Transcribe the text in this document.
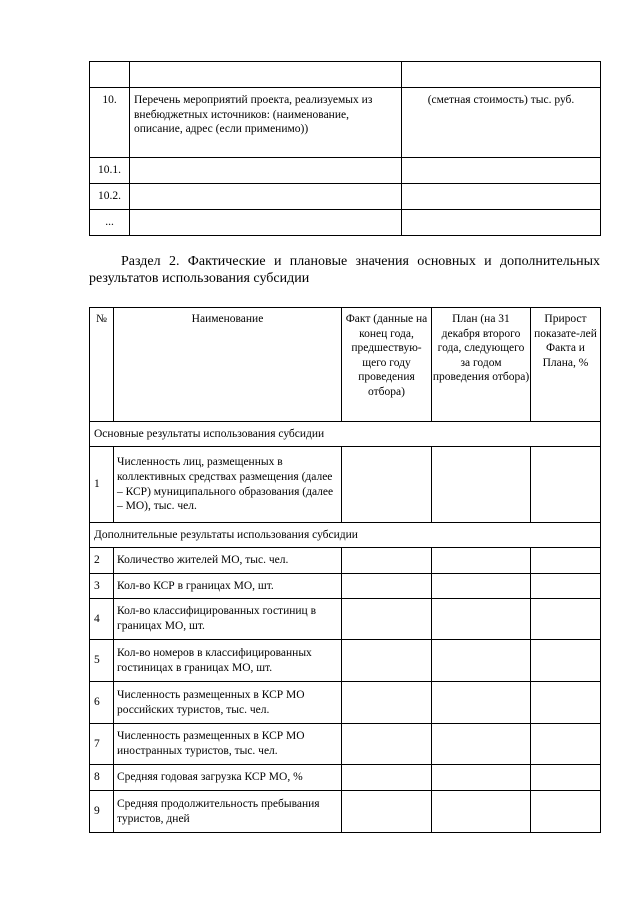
10.	Перечень мероприятий проекта, реализуемых из внебюджетных источников: (наименование, описание, адрес (если применимо))	(сметная стоимость) тыс. руб.
10.1.		
10.2.		
...		

Раздел 2. Фактические и плановые значения основных и дополнительных результатов использования субсидии

№	Наименование	Факт (данные на конец года, предшествую-щего году проведения отбора)	План (на 31 декабря второго года, следующего за годом проведения отбора)	Прирост показате-лей Факта и Плана, %
Основные результаты использования субсидии				
1	Численность лиц, размещенных в коллективных средствах размещения (далее – КСР) муниципального образования (далее – МО), тыс. чел.			
Дополнительные результаты использования субсидии				
2	Количество жителей МО, тыс. чел.			
3	Кол-во КСР в границах МО, шт.			
4	Кол-во классифицированных гостиниц в границах МО, шт.			
5	Кол-во номеров в классифицированных гостиницах в границах МО, шт.			
6	Численность размещенных в КСР МО российских туристов, тыс. чел.			
7	Численность размещенных в КСР МО иностранных туристов, тыс. чел.			
8	Средняя годовая загрузка КСР МО, %			
9	Средняя продолжительность пребывания туристов, дней			
